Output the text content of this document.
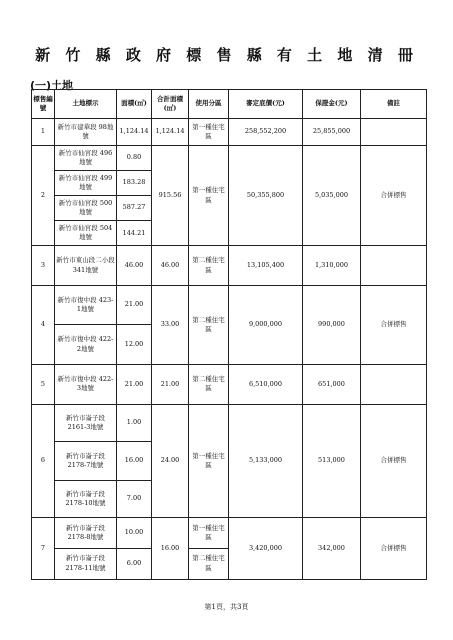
新 竹 縣 政 府 標 售 縣 有 土 地 清 冊
(一)土地
標售編號	土地標示	面積(㎡)	合計面積(㎡)	使用分區	審定底價(元)	保證金(元)	備註
1	新竹市建華段 98地號	1,124.14	1,124.14	第一種住宅區	258,552,200	25,855,000	
2	新竹市仙宮段 496地號	0.80	915.56	第一種住宅區	50,355,800	5,035,000	合併標售
	新竹市仙宮段 499地號	183.28					
	新竹市仙宮段 500地號	587.27					
	新竹市仙宮段 504地號	144.21					
3	新竹市東山段二小段 341地號	46.00	46.00	第二種住宅區	13,105,400	1,310,000	
4	新竹市復中段 423-1地號	21.00	33.00	第二種住宅區	9,000,000	990,000	合併標售
	新竹市復中段 422-2地號	12.00					
5	新竹市復中段 422-3地號	21.00	21.00	第二種住宅區	6,510,000	651,000	
6	新竹市崙子段 2161-3地號	1.00	24.00	第一種住宅區	5,133,000	513,000	合併標售
	新竹市崙子段 2178-7地號	16.00					
	新竹市崙子段 2178-10地號	7.00					
7	新竹市崙子段 2178-8地號	10.00	16.00	第一種住宅區	3,420,000	342,000	合併標售
	新竹市崙子段 2178-11地號	6.00		第二種住宅區			
第1頁，共3頁
